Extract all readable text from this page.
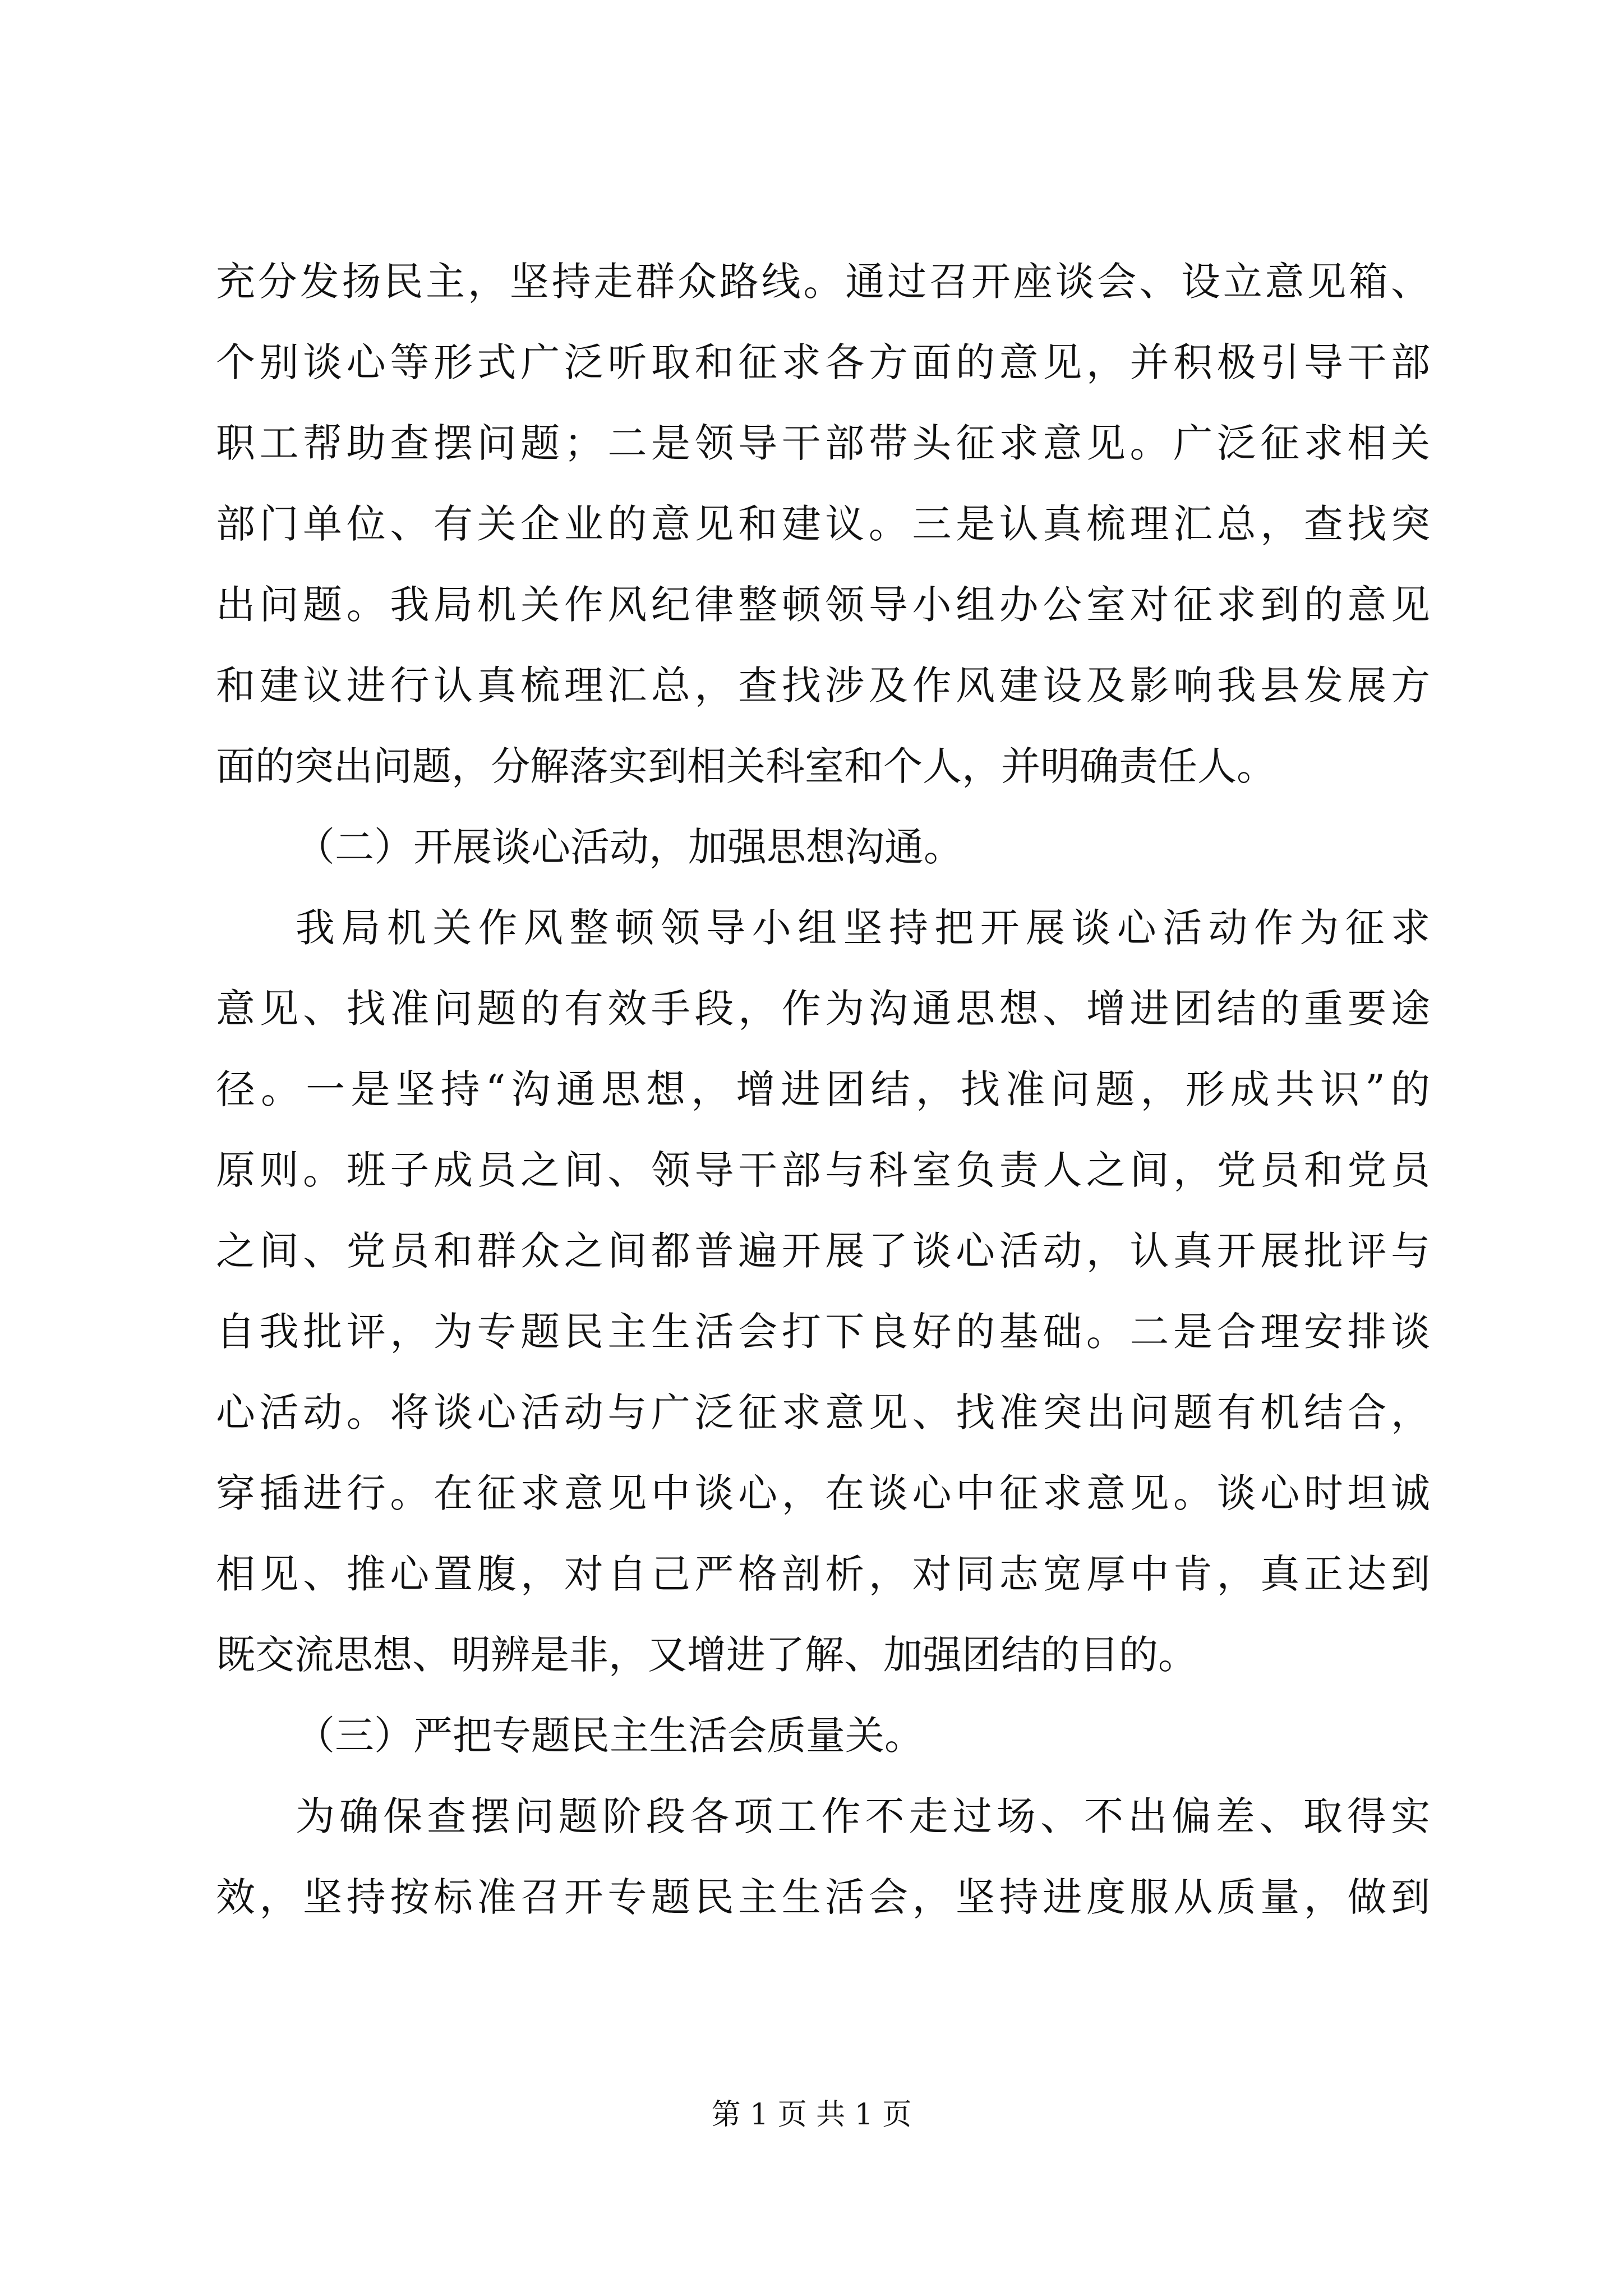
充分发扬民主，坚持走群众路线。通过召开座谈会、设立意见箱、
个别谈心等形式广泛听取和征求各方面的意见，并积极引导干部
职工帮助查摆问题；二是领导干部带头征求意见。广泛征求相关
部门单位、有关企业的意见和建议。三是认真梳理汇总，查找突
出问题。我局机关作风纪律整顿领导小组办公室对征求到的意见
和建议进行认真梳理汇总，查找涉及作风建设及影响我县发展方
面的突出问题，分解落实到相关科室和个人，并明确责任人。
（二）开展谈心活动，加强思想沟通。
我局机关作风整顿领导小组坚持把开展谈心活动作为征求
意见、找准问题的有效手段，作为沟通思想、增进团结的重要途
径。一是坚持“沟通思想，增进团结，找准问题，形成共识”的
原则。班子成员之间、领导干部与科室负责人之间，党员和党员
之间、党员和群众之间都普遍开展了谈心活动，认真开展批评与
自我批评，为专题民主生活会打下良好的基础。二是合理安排谈
心活动。将谈心活动与广泛征求意见、找准突出问题有机结合，
穿插进行。在征求意见中谈心，在谈心中征求意见。谈心时坦诚
相见、推心置腹，对自己严格剖析，对同志宽厚中肯，真正达到
既交流思想、明辨是非，又增进了解、加强团结的目的。
（三）严把专题民主生活会质量关。
为确保查摆问题阶段各项工作不走过场、不出偏差、取得实
效，坚持按标准召开专题民主生活会，坚持进度服从质量，做到
第 1 页 共 1 页
